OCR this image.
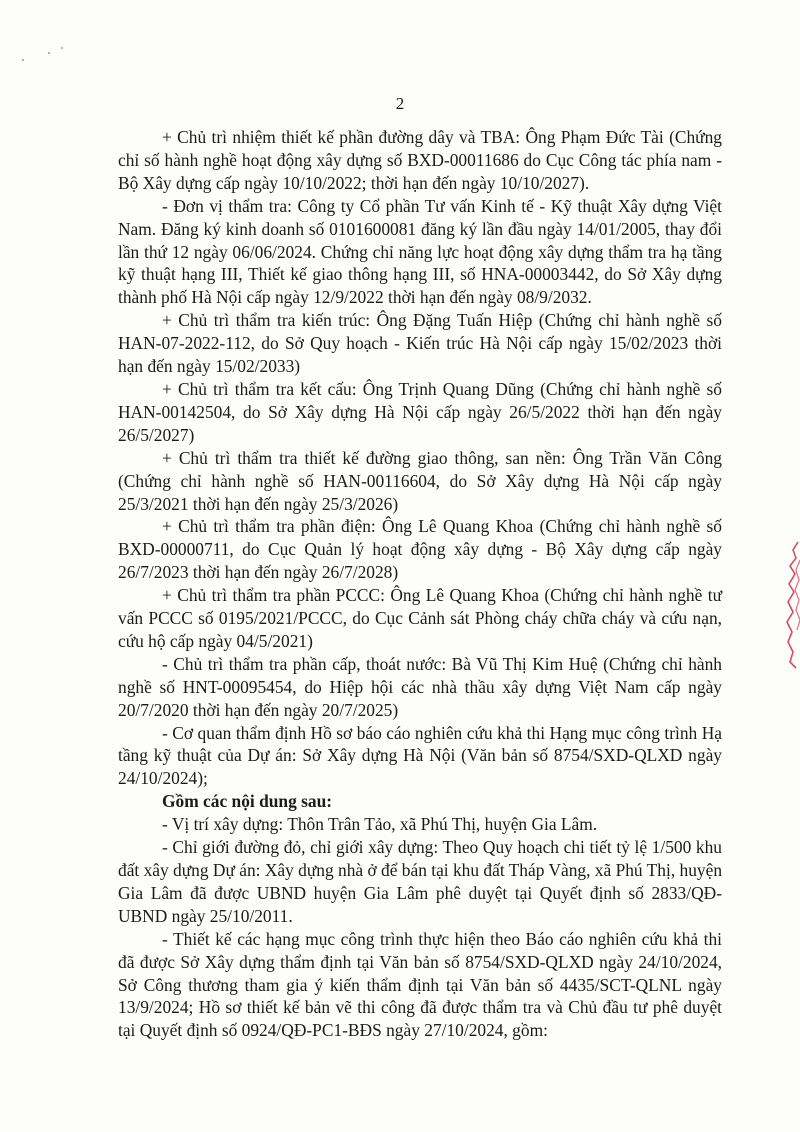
2

+ Chủ trì nhiệm thiết kế phần đường dây và TBA: Ông Phạm Đức Tài (Chứng chỉ số hành nghề hoạt động xây dựng số BXD-00011686 do Cục Công tác phía nam - Bộ Xây dựng cấp ngày 10/10/2022; thời hạn đến ngày 10/10/2027).

- Đơn vị thẩm tra: Công ty Cổ phần Tư vấn Kinh tế - Kỹ thuật Xây dựng Việt Nam. Đăng ký kinh doanh số 0101600081 đăng ký lần đầu ngày 14/01/2005, thay đổi lần thứ 12 ngày 06/06/2024. Chứng chỉ năng lực hoạt động xây dựng thẩm tra hạ tầng kỹ thuật hạng III, Thiết kế giao thông hạng III, số HNA-00003442, do Sở Xây dựng thành phố Hà Nội cấp ngày 12/9/2022 thời hạn đến ngày 08/9/2032.

+ Chủ trì thẩm tra kiến trúc: Ông Đặng Tuấn Hiệp (Chứng chỉ hành nghề số HAN-07-2022-112, do Sở Quy hoạch - Kiến trúc Hà Nội cấp ngày 15/02/2023 thời hạn đến ngày 15/02/2033)

+ Chủ trì thẩm tra kết cấu: Ông Trịnh Quang Dũng (Chứng chỉ hành nghề số HAN-00142504, do Sở Xây dựng Hà Nội cấp ngày 26/5/2022 thời hạn đến ngày 26/5/2027)

+ Chủ trì thẩm tra thiết kế đường giao thông, san nền: Ông Trần Văn Công (Chứng chỉ hành nghề số HAN-00116604, do Sở Xây dựng Hà Nội cấp ngày 25/3/2021 thời hạn đến ngày 25/3/2026)

+ Chủ trì thẩm tra phần điện: Ông Lê Quang Khoa (Chứng chỉ hành nghề số BXD-00000711, do Cục Quản lý hoạt động xây dựng - Bộ Xây dựng cấp ngày 26/7/2023 thời hạn đến ngày 26/7/2028)

+ Chủ trì thẩm tra phần PCCC: Ông Lê Quang Khoa (Chứng chỉ hành nghề tư vấn PCCC số 0195/2021/PCCC, do Cục Cảnh sát Phòng cháy chữa cháy và cứu nạn, cứu hộ cấp ngày 04/5/2021)

- Chủ trì thẩm tra phần cấp, thoát nước: Bà Vũ Thị Kim Huệ (Chứng chỉ hành nghề số HNT-00095454, do Hiệp hội các nhà thầu xây dựng Việt Nam cấp ngày 20/7/2020 thời hạn đến ngày 20/7/2025)

- Cơ quan thẩm định Hồ sơ báo cáo nghiên cứu khả thi Hạng mục công trình Hạ tầng kỹ thuật của Dự án: Sở Xây dựng Hà Nội (Văn bản số 8754/SXD-QLXD ngày 24/10/2024);

Gồm các nội dung sau:

- Vị trí xây dựng: Thôn Trân Tảo, xã Phú Thị, huyện Gia Lâm.

- Chỉ giới đường đỏ, chỉ giới xây dựng: Theo Quy hoạch chi tiết tỷ lệ 1/500 khu đất xây dựng Dự án: Xây dựng nhà ở để bán tại khu đất Tháp Vàng, xã Phú Thị, huyện Gia Lâm đã được UBND huyện Gia Lâm phê duyệt tại Quyết định số 2833/QĐ-UBND ngày 25/10/2011.

- Thiết kế các hạng mục công trình thực hiện theo Báo cáo nghiên cứu khả thi đã được Sở Xây dựng thẩm định tại Văn bản số 8754/SXD-QLXD ngày 24/10/2024, Sở Công thương tham gia ý kiến thẩm định tại Văn bản số 4435/SCT-QLNL ngày 13/9/2024; Hồ sơ thiết kế bản vẽ thi công đã được thẩm tra và Chủ đầu tư phê duyệt tại Quyết định số 0924/QĐ-PC1-BĐS ngày 27/10/2024, gồm:
